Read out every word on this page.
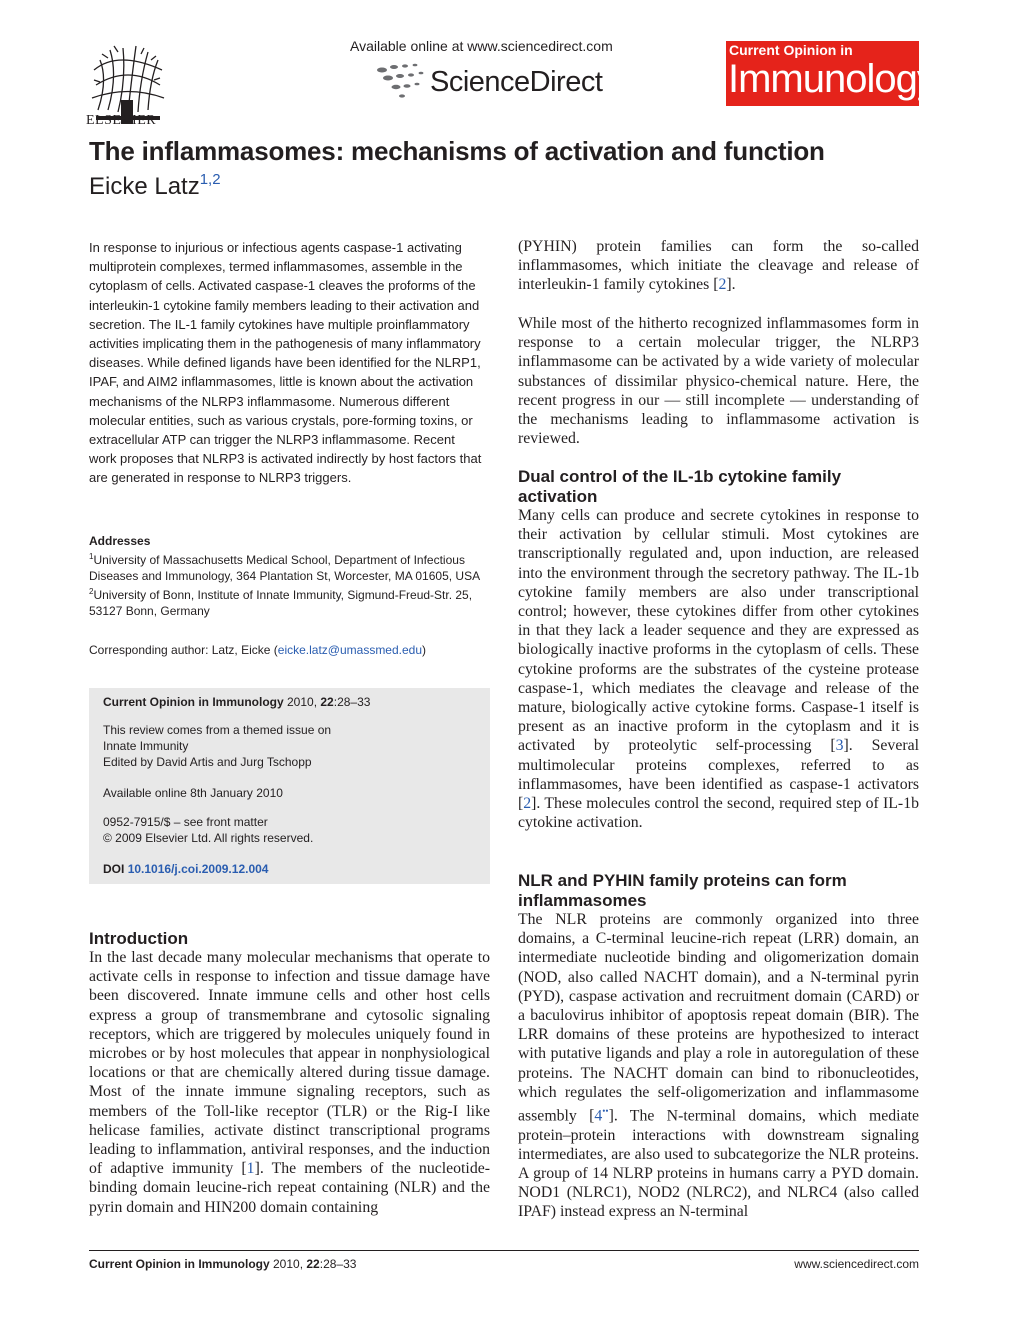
ELSEVIER
Available online at www.sciencedirect.com
ScienceDirect
Current Opinion in
Immunology
The inflammasomes: mechanisms of activation and function
Eicke Latz$^{1,2}$
In response to injurious or infectious agents caspase-1 activating multiprotein complexes, termed inflammasomes, assemble in the cytoplasm of cells. Activated caspase-1 cleaves the proforms of the interleukin-1 cytokine family members leading to their activation and secretion. The IL-1 family cytokines have multiple proinflammatory activities implicating them in the pathogenesis of many inflammatory diseases. While defined ligands have been identified for the NLRP1, IPAF, and AIM2 inflammasomes, little is known about the activation mechanisms of the NLRP3 inflammasome. Numerous different molecular entities, such as various crystals, pore-forming toxins, or extracellular ATP can trigger the NLRP3 inflammasome. Recent work proposes that NLRP3 is activated indirectly by host factors that are generated in response to NLRP3 triggers.
Addresses
$^1$University of Massachusetts Medical School, Department of Infectious Diseases and Immunology, 364 Plantation St, Worcester, MA 01605, USA
$^2$University of Bonn, Institute of Innate Immunity, Sigmund-Freud-Str. 25, 53127 Bonn, Germany
Corresponding author: Latz, Eicke (eicke.latz@umassmed.edu)
Current Opinion in Immunology 2010, 22:28–33
This review comes from a themed issue on
Innate Immunity
Edited by David Artis and Jurg Tschopp
Available online 8th January 2010
0952-7915/$ – see front matter
© 2009 Elsevier Ltd. All rights reserved.
DOI 10.1016/j.coi.2009.12.004
Introduction
In the last decade many molecular mechanisms that operate to activate cells in response to infection and tissue damage have been discovered. Innate immune cells and other host cells express a group of transmembrane and cytosolic signaling receptors, which are triggered by molecules uniquely found in microbes or by host molecules that appear in nonphysiological locations or that are chemically altered during tissue damage. Most of the innate immune signaling receptors, such as members of the Toll-like receptor (TLR) or the Rig-I like helicase families, activate distinct transcriptional programs leading to inflammation, antiviral responses, and the induction of adaptive immunity [1]. The members of the nucleotide-binding domain leucine-rich repeat containing (NLR) and the pyrin domain and HIN200 domain containing
(PYHIN) protein families can form the so-called inflammasomes, which initiate the cleavage and release of interleukin-1 family cytokines [2].
While most of the hitherto recognized inflammasomes form in response to a certain molecular trigger, the NLRP3 inflammasome can be activated by a wide variety of molecular substances of dissimilar physico-chemical nature. Here, the recent progress in our — still incomplete — understanding of the mechanisms leading to inflammasome activation is reviewed.
Dual control of the IL-1b cytokine family activation
Many cells can produce and secrete cytokines in response to their activation by cellular stimuli. Most cytokines are transcriptionally regulated and, upon induction, are released into the environment through the secretory pathway. The IL-1b cytokine family members are also under transcriptional control; however, these cytokines differ from other cytokines in that they lack a leader sequence and they are expressed as biologically inactive proforms in the cytoplasm of cells. These cytokine proforms are the substrates of the cysteine protease caspase-1, which mediates the cleavage and release of the mature, biologically active cytokine forms. Caspase-1 itself is present as an inactive proform in the cytoplasm and it is activated by proteolytic self-processing [3]. Several multimolecular proteins complexes, referred to as inflammasomes, have been identified as caspase-1 activators [2]. These molecules control the second, required step of IL-1b cytokine activation.
NLR and PYHIN family proteins can form inflammasomes
The NLR proteins are commonly organized into three domains, a C-terminal leucine-rich repeat (LRR) domain, an intermediate nucleotide binding and oligomerization domain (NOD, also called NACHT domain), and a N-terminal pyrin (PYD), caspase activation and recruitment domain (CARD) or a baculovirus inhibitor of apoptosis repeat domain (BIR). The LRR domains of these proteins are hypothesized to interact with putative ligands and play a role in autoregulation of these proteins. The NACHT domain can bind to ribonucleotides, which regulates the self-oligomerization and inflammasome assembly [4••]. The N-terminal domains, which mediate protein–protein interactions with downstream signaling intermediates, are also used to subcategorize the NLR proteins. A group of 14 NLRP proteins in humans carry a PYD domain. NOD1 (NLRC1), NOD2 (NLRC2), and NLRC4 (also called IPAF) instead express an N-terminal
Current Opinion in Immunology 2010, 22:28–33	www.sciencedirect.com
